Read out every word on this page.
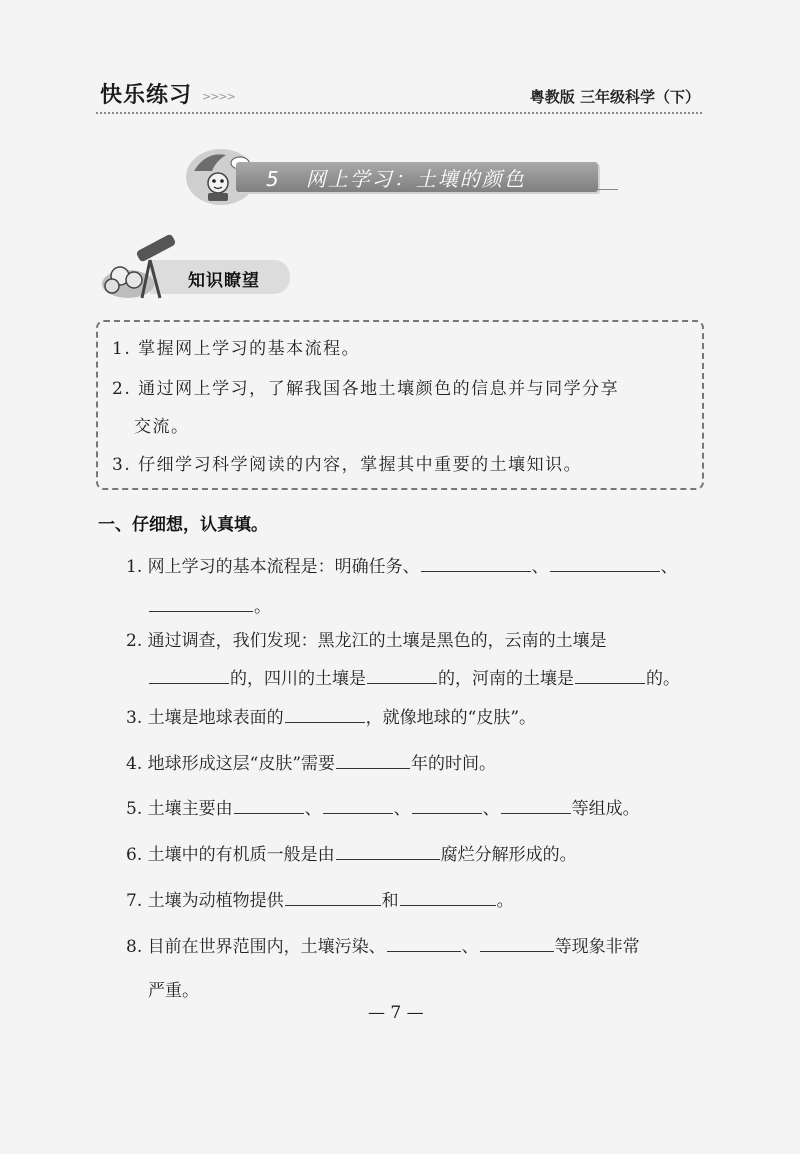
快乐练习 >>>>	粤教版 三年级科学（下）
5 网上学习：土壤的颜色
知识瞭望
1. 掌握网上学习的基本流程。
2. 通过网上学习，了解我国各地土壤颜色的信息并与同学分享
交流。
3. 仔细学习科学阅读的内容，掌握其中重要的土壤知识。
一、仔细想，认真填。
1. 网上学习的基本流程是：明确任务、	、	、
。
2. 通过调查，我们发现：黑龙江的土壤是黑色的，云南的土壤是
的，四川的土壤是	的，河南的土壤是	的。
3. 土壤是地球表面的	，就像地球的“皮肤”。
4. 地球形成这层“皮肤”需要	年的时间。
5. 土壤主要由	、	、	、	等组成。
6. 土壤中的有机质一般是由	腐烂分解形成的。
7. 土壤为动植物提供	和	。
8. 目前在世界范围内，土壤污染、	、	等现象非常
严重。
— 7 —
